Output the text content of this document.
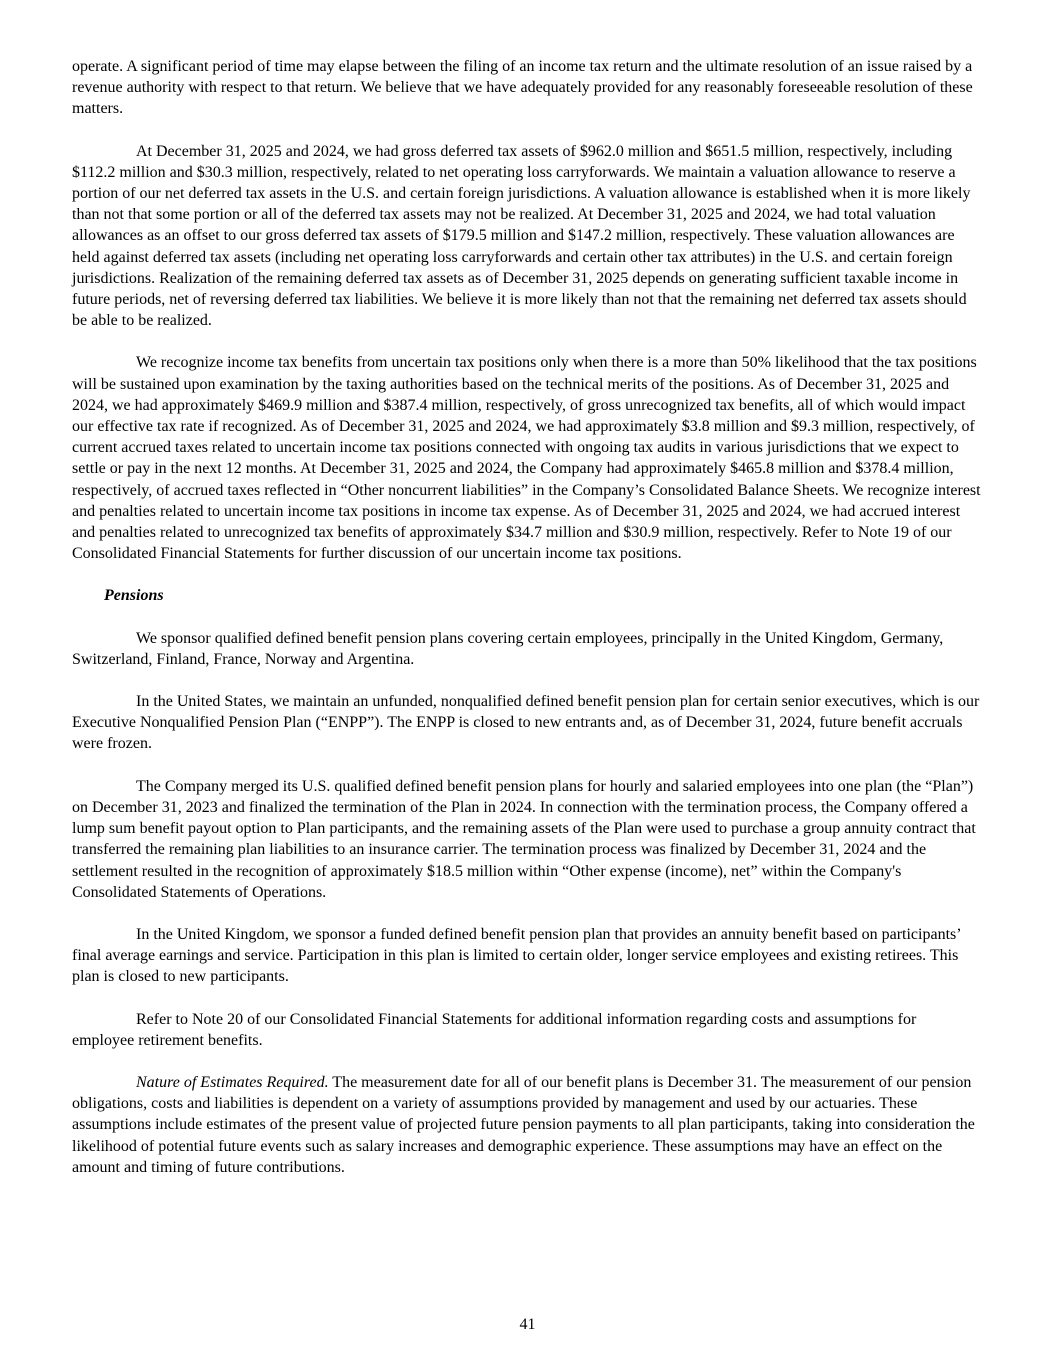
operate. A significant period of time may elapse between the filing of an income tax return and the ultimate resolution of an issue raised by a revenue authority with respect to that return. We believe that we have adequately provided for any reasonably foreseeable resolution of these matters.

At December 31, 2025 and 2024, we had gross deferred tax assets of $962.0 million and $651.5 million, respectively, including $112.2 million and $30.3 million, respectively, related to net operating loss carryforwards. We maintain a valuation allowance to reserve a portion of our net deferred tax assets in the U.S. and certain foreign jurisdictions. A valuation allowance is established when it is more likely than not that some portion or all of the deferred tax assets may not be realized. At December 31, 2025 and 2024, we had total valuation allowances as an offset to our gross deferred tax assets of $179.5 million and $147.2 million, respectively. These valuation allowances are held against deferred tax assets (including net operating loss carryforwards and certain other tax attributes) in the U.S. and certain foreign jurisdictions. Realization of the remaining deferred tax assets as of December 31, 2025 depends on generating sufficient taxable income in future periods, net of reversing deferred tax liabilities. We believe it is more likely than not that the remaining net deferred tax assets should be able to be realized.

We recognize income tax benefits from uncertain tax positions only when there is a more than 50% likelihood that the tax positions will be sustained upon examination by the taxing authorities based on the technical merits of the positions. As of December 31, 2025 and 2024, we had approximately $469.9 million and $387.4 million, respectively, of gross unrecognized tax benefits, all of which would impact our effective tax rate if recognized. As of December 31, 2025 and 2024, we had approximately $3.8 million and $9.3 million, respectively, of current accrued taxes related to uncertain income tax positions connected with ongoing tax audits in various jurisdictions that we expect to settle or pay in the next 12 months. At December 31, 2025 and 2024, the Company had approximately $465.8 million and $378.4 million, respectively, of accrued taxes reflected in “Other noncurrent liabilities” in the Company’s Consolidated Balance Sheets. We recognize interest and penalties related to uncertain income tax positions in income tax expense. As of December 31, 2025 and 2024, we had accrued interest and penalties related to unrecognized tax benefits of approximately $34.7 million and $30.9 million, respectively. Refer to Note 19 of our Consolidated Financial Statements for further discussion of our uncertain income tax positions.

Pensions

We sponsor qualified defined benefit pension plans covering certain employees, principally in the United Kingdom, Germany, Switzerland, Finland, France, Norway and Argentina.

In the United States, we maintain an unfunded, nonqualified defined benefit pension plan for certain senior executives, which is our Executive Nonqualified Pension Plan (“ENPP”). The ENPP is closed to new entrants and, as of December 31, 2024, future benefit accruals were frozen.

The Company merged its U.S. qualified defined benefit pension plans for hourly and salaried employees into one plan (the “Plan”) on December 31, 2023 and finalized the termination of the Plan in 2024. In connection with the termination process, the Company offered a lump sum benefit payout option to Plan participants, and the remaining assets of the Plan were used to purchase a group annuity contract that transferred the remaining plan liabilities to an insurance carrier. The termination process was finalized by December 31, 2024 and the settlement resulted in the recognition of approximately $18.5 million within “Other expense (income), net” within the Company's Consolidated Statements of Operations.

In the United Kingdom, we sponsor a funded defined benefit pension plan that provides an annuity benefit based on participants’ final average earnings and service. Participation in this plan is limited to certain older, longer service employees and existing retirees. This plan is closed to new participants.

Refer to Note 20 of our Consolidated Financial Statements for additional information regarding costs and assumptions for employee retirement benefits.

Nature of Estimates Required. The measurement date for all of our benefit plans is December 31. The measurement of our pension obligations, costs and liabilities is dependent on a variety of assumptions provided by management and used by our actuaries. These assumptions include estimates of the present value of projected future pension payments to all plan participants, taking into consideration the likelihood of potential future events such as salary increases and demographic experience. These assumptions may have an effect on the amount and timing of future contributions.

41
